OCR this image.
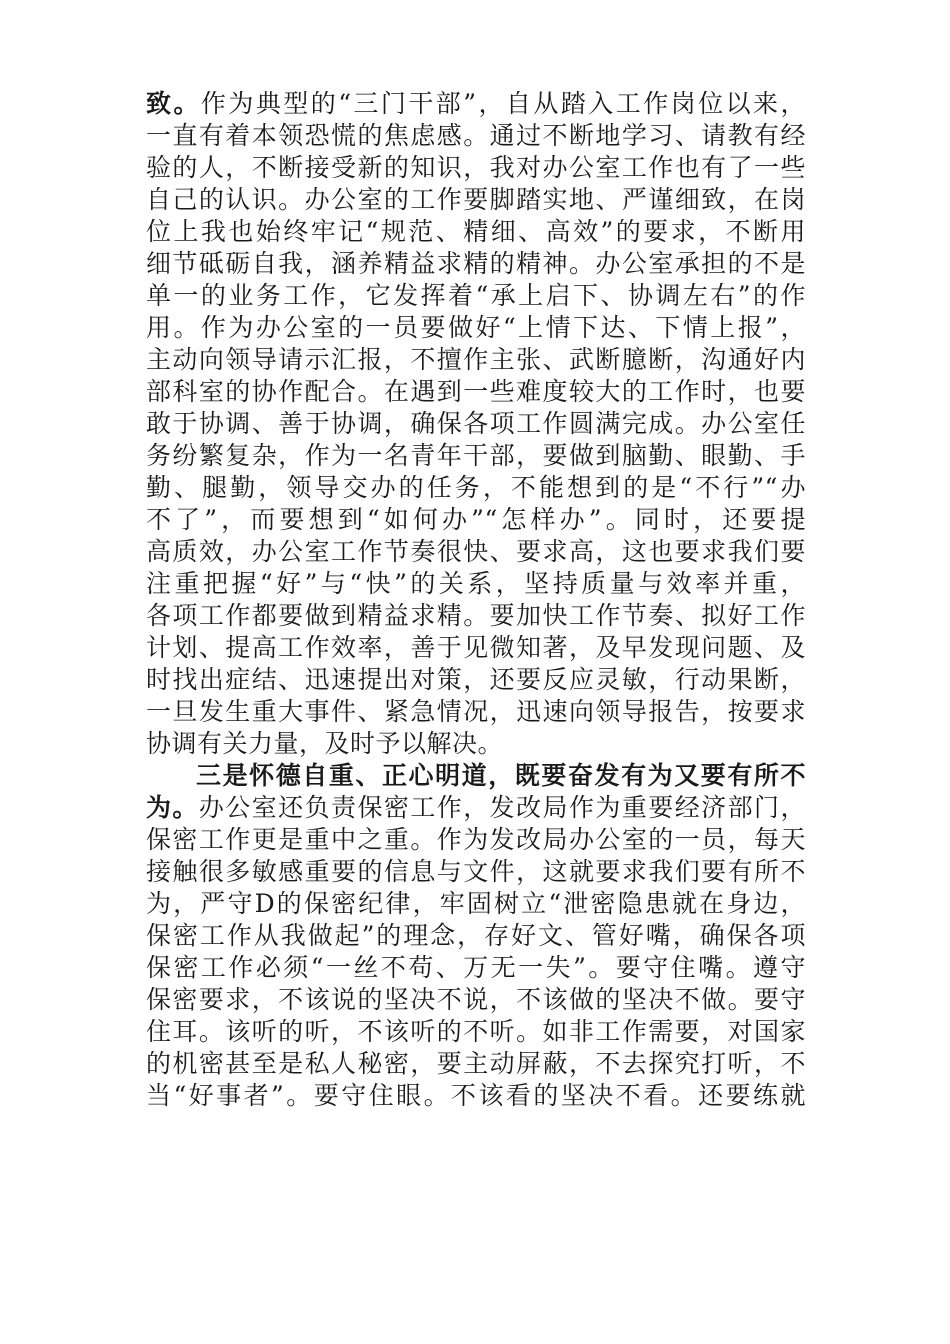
致。作为典型的“三门干部”，自从踏入工作岗位以来，
一直有着本领恐慌的焦虑感。通过不断地学习、请教有经
验的人，不断接受新的知识，我对办公室工作也有了一些
自己的认识。办公室的工作要脚踏实地、严谨细致，在岗
位上我也始终牢记“规范、精细、高效”的要求，不断用
细节砥砺自我，涵养精益求精的精神。办公室承担的不是
单一的业务工作，它发挥着“承上启下、协调左右”的作
用。作为办公室的一员要做好“上情下达、下情上报”，
主动向领导请示汇报，不擅作主张、武断臆断，沟通好内
部科室的协作配合。在遇到一些难度较大的工作时，也要
敢于协调、善于协调，确保各项工作圆满完成。办公室任
务纷繁复杂，作为一名青年干部，要做到脑勤、眼勤、手
勤、腿勤，领导交办的任务，不能想到的是“不行”“办
不了”，而要想到“如何办”“怎样办”。同时，还要提
高质效，办公室工作节奏很快、要求高，这也要求我们要
注重把握“好”与“快”的关系，坚持质量与效率并重，
各项工作都要做到精益求精。要加快工作节奏、拟好工作
计划、提高工作效率，善于见微知著，及早发现问题、及
时找出症结、迅速提出对策，还要反应灵敏，行动果断，
一旦发生重大事件、紧急情况，迅速向领导报告，按要求
协调有关力量，及时予以解决。
三是怀德自重、正心明道，既要奋发有为又要有所不
为。办公室还负责保密工作，发改局作为重要经济部门，
保密工作更是重中之重。作为发改局办公室的一员，每天
接触很多敏感重要的信息与文件，这就要求我们要有所不
为，严守D的保密纪律，牢固树立“泄密隐患就在身边，
保密工作从我做起”的理念，存好文、管好嘴，确保各项
保密工作必须“一丝不苟、万无一失”。要守住嘴。遵守
保密要求，不该说的坚决不说，不该做的坚决不做。要守
住耳。该听的听，不该听的不听。如非工作需要，对国家
的机密甚至是私人秘密，要主动屏蔽，不去探究打听，不
当“好事者”。要守住眼。不该看的坚决不看。还要练就
